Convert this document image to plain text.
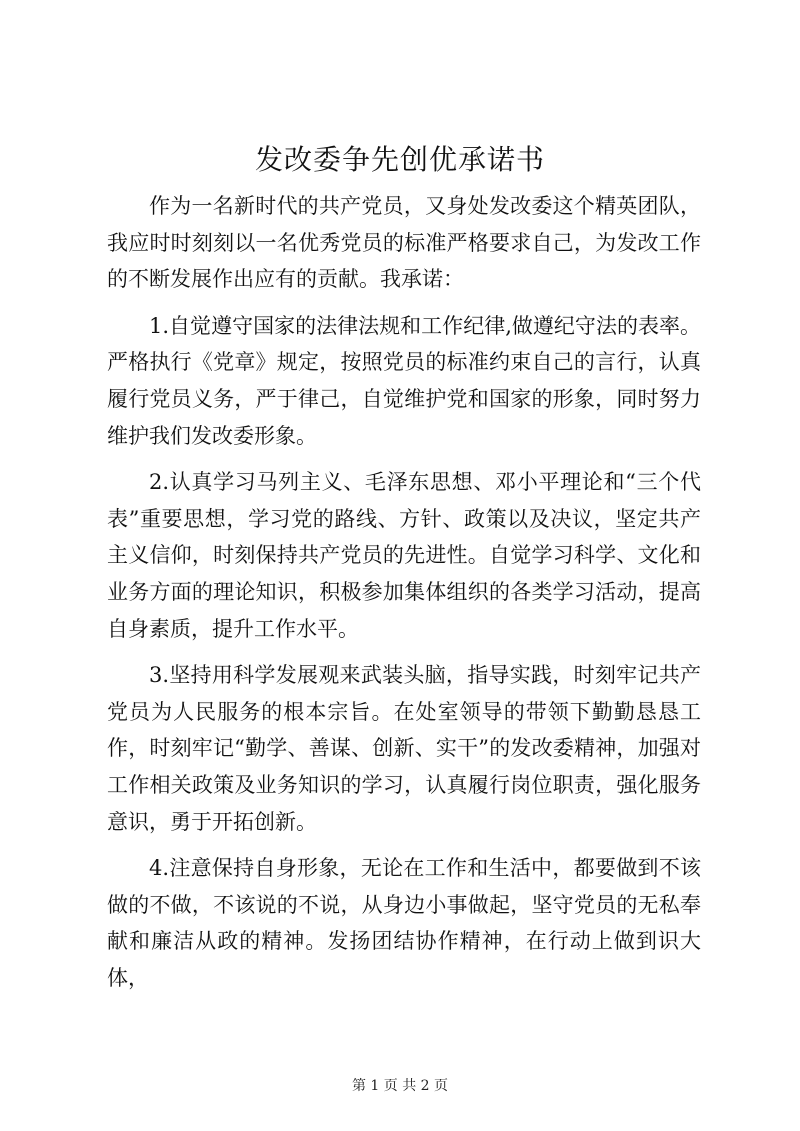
发改委争先创优承诺书

作为一名新时代的共产党员，又身处发改委这个精英团队，我应时时刻刻以一名优秀党员的标准严格要求自己，为发改工作的不断发展作出应有的贡献。我承诺：

1.自觉遵守国家的法律法规和工作纪律,做遵纪守法的表率。严格执行《党章》规定，按照党员的标准约束自己的言行，认真履行党员义务，严于律己，自觉维护党和国家的形象，同时努力维护我们发改委形象。

2.认真学习马列主义、毛泽东思想、邓小平理论和“三个代表”重要思想，学习党的路线、方针、政策以及决议，坚定共产主义信仰，时刻保持共产党员的先进性。自觉学习科学、文化和业务方面的理论知识，积极参加集体组织的各类学习活动，提高自身素质，提升工作水平。

3.坚持用科学发展观来武装头脑，指导实践，时刻牢记共产党员为人民服务的根本宗旨。在处室领导的带领下勤勤恳恳工作，时刻牢记“勤学、善谋、创新、实干”的发改委精神，加强对工作相关政策及业务知识的学习，认真履行岗位职责，强化服务意识，勇于开拓创新。

4.注意保持自身形象，无论在工作和生活中，都要做到不该做的不做，不该说的不说，从身边小事做起，坚守党员的无私奉献和廉洁从政的精神。发扬团结协作精神，在行动上做到识大体，

第 1 页 共 2 页
